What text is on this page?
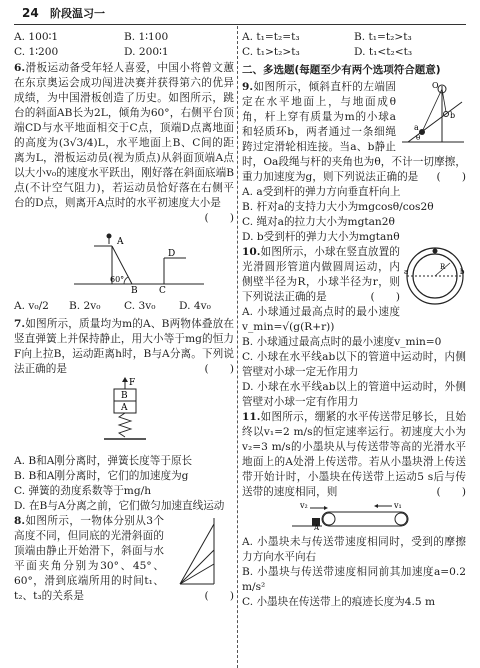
24 阶段温习一
A. 100∶1	B. 1∶100
C. 1∶200	D. 200∶1

6.滑板运动备受年轻人喜爱，中国小将曾文蕙在东京奥运会成功闯进决赛并获得第六的优异成绩，为中国滑板创造了历史。如图所示，跳台的斜面AB长为2L，倾角为60°，右侧平台顶端CD与水平地面相交于C点，顶端D点离地面的高度为(3√3/4)L，水平地面上B、C间的距离为L，滑板运动员(视为质点)从斜面顶端A点以大小v₀的速度水平跃出，刚好落在斜面底端B点(不计空气阻力)，若运动员恰好落在右侧平台的D点，则离开A点时的水平初速度大小是
(　　)

A
B C
D
60°
A. v₀/2	B. 2v₀	C. 3v₀	D. 4v₀

7.如图所示，质量均为m的A、B两物体叠放在竖直弹簧上并保持静止，用大小等于mg的恒力F向上拉B，运动距离h时，B与A分离。下列说法正确的是	(　　)

F
B
A

A. B和A刚分离时，弹簧长度等于原长

B. B和A刚分离时，它们的加速度为g

C. 弹簧的劲度系数等于mg/h

D. 在B与A分离之前，它们做匀加速直线运动

8.如图所示，一物体分别从3个高度不同，但同底的光滑斜面的顶端由静止开始滑下，斜面与水平面夹角分别为30°、45°、60°，滑到底端所用的时间t₁、t₂、t₃的关系是	(　　)
A. t₁=t₂=t₃	B. t₁=t₂>t₃
C. t₁>t₂>t₃	D. t₁<t₂<t₃

二、多选题(每题至少有两个选项符合题意)

O
a
b
θ

9.如图所示，倾斜直杆的左端固定在水平地面上，与地面成θ角，杆上穿有质量为m的小球a和轻质环b，两者通过一条细绳跨过定滑轮相连接。当a、b静止时，Oa段绳与杆的夹角也为θ，不计一切摩擦，重力加速度为g，则下列说法正确的是 (　　)

A. a受到杆的弹力方向垂直杆向上

B. 杆对a的支持力大小为mgcosθ/cos2θ

C. 绳对a的拉力大小为mgtan2θ

D. b受到杆的弹力大小为mgtanθ

a	b
R

10.如图所示，小球在竖直放置的光滑圆形管道内做圆周运动，内侧壁半径为R，小球半径为r，则下列说法正确的是	(　　)

A. 小球通过最高点时的最小速度v_min=√(g(R+r))

B. 小球通过最高点时的最小速度v_min=0

C. 小球在水平线ab以下的管道中运动时，内侧管壁对小球一定无作用力

D. 小球在水平线ab以上的管道中运动时，外侧管壁对小球一定有作用力

11.如图所示，绷紧的水平传送带足够长，且始终以v₁=2 m/s的恒定速率运行。初速度大小为v₂=3 m/s的小墨块从与传送带等高的光滑水平地面上的A处滑上传送带。若从小墨块滑上传送带开始计时，小墨块在传送带上运动5 s后与传送带的速度相同，则	(　　)

v₂	v₁
A

A. 小墨块未与传送带速度相同时，受到的摩擦力方向水平向右

B. 小墨块与传送带速度相同前其加速度a=0.2 m/s²

C. 小墨块在传送带上的痕迹长度为4.5 m
